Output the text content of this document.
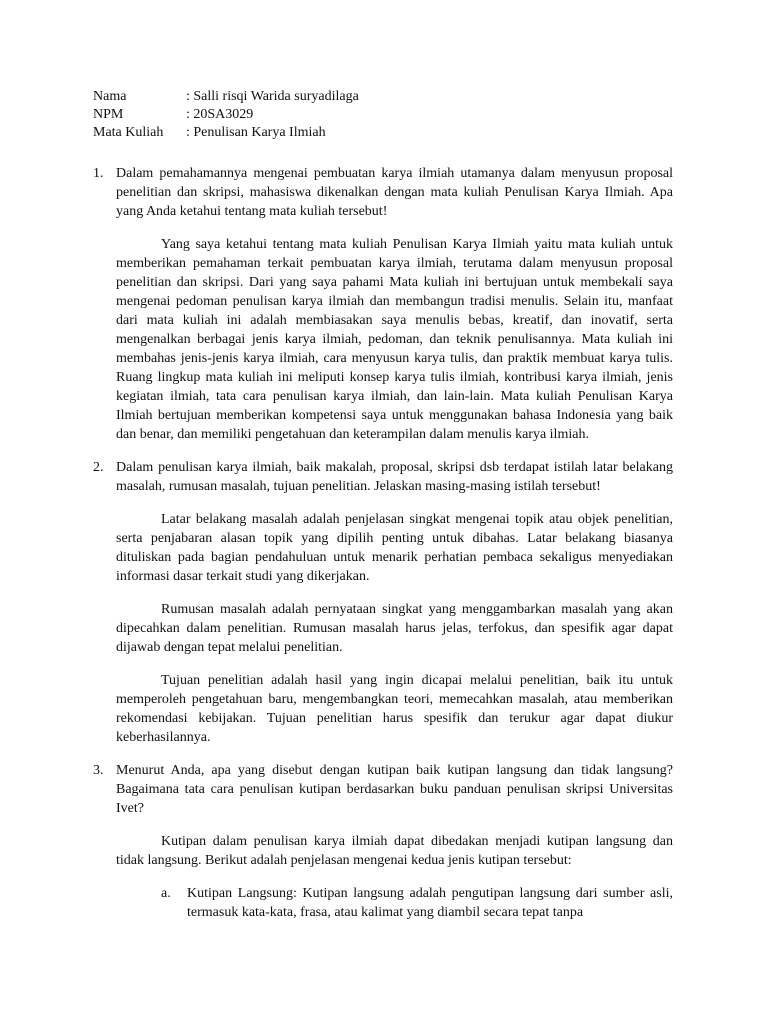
Nama	: Salli risqi Warida suryadilaga
NPM	: 20SA3029
Mata Kuliah	: Penulisan Karya Ilmiah
1. Dalam pemahamannya mengenai pembuatan karya ilmiah utamanya dalam menyusun proposal penelitian dan skripsi, mahasiswa dikenalkan dengan mata kuliah Penulisan Karya Ilmiah. Apa yang Anda ketahui tentang mata kuliah tersebut!

Yang saya ketahui tentang mata kuliah Penulisan Karya Ilmiah yaitu mata kuliah untuk memberikan pemahaman terkait pembuatan karya ilmiah, terutama dalam menyusun proposal penelitian dan skripsi. Dari yang saya pahami Mata kuliah ini bertujuan untuk membekali saya mengenai pedoman penulisan karya ilmiah dan membangun tradisi menulis. Selain itu, manfaat dari mata kuliah ini adalah membiasakan saya menulis bebas, kreatif, dan inovatif, serta mengenalkan berbagai jenis karya ilmiah, pedoman, dan teknik penulisannya. Mata kuliah ini membahas jenis-jenis karya ilmiah, cara menyusun karya tulis, dan praktik membuat karya tulis. Ruang lingkup mata kuliah ini meliputi konsep karya tulis ilmiah, kontribusi karya ilmiah, jenis kegiatan ilmiah, tata cara penulisan karya ilmiah, dan lain-lain. Mata kuliah Penulisan Karya Ilmiah bertujuan memberikan kompetensi saya untuk menggunakan bahasa Indonesia yang baik dan benar, dan memiliki pengetahuan dan keterampilan dalam menulis karya ilmiah.

2. Dalam penulisan karya ilmiah, baik makalah, proposal, skripsi dsb terdapat istilah latar belakang masalah, rumusan masalah, tujuan penelitian. Jelaskan masing-masing istilah tersebut!

Latar belakang masalah adalah penjelasan singkat mengenai topik atau objek penelitian, serta penjabaran alasan topik yang dipilih penting untuk dibahas. Latar belakang biasanya dituliskan pada bagian pendahuluan untuk menarik perhatian pembaca sekaligus menyediakan informasi dasar terkait studi yang dikerjakan.

Rumusan masalah adalah pernyataan singkat yang menggambarkan masalah yang akan dipecahkan dalam penelitian. Rumusan masalah harus jelas, terfokus, dan spesifik agar dapat dijawab dengan tepat melalui penelitian.

Tujuan penelitian adalah hasil yang ingin dicapai melalui penelitian, baik itu untuk memperoleh pengetahuan baru, mengembangkan teori, memecahkan masalah, atau memberikan rekomendasi kebijakan. Tujuan penelitian harus spesifik dan terukur agar dapat diukur keberhasilannya.

3. Menurut Anda, apa yang disebut dengan kutipan baik kutipan langsung dan tidak langsung? Bagaimana tata cara penulisan kutipan berdasarkan buku panduan penulisan skripsi Universitas Ivet?

Kutipan dalam penulisan karya ilmiah dapat dibedakan menjadi kutipan langsung dan tidak langsung. Berikut adalah penjelasan mengenai kedua jenis kutipan tersebut:

a.	Kutipan Langsung: Kutipan langsung adalah pengutipan langsung dari sumber asli, termasuk kata-kata, frasa, atau kalimat yang diambil secara tepat tanpa
